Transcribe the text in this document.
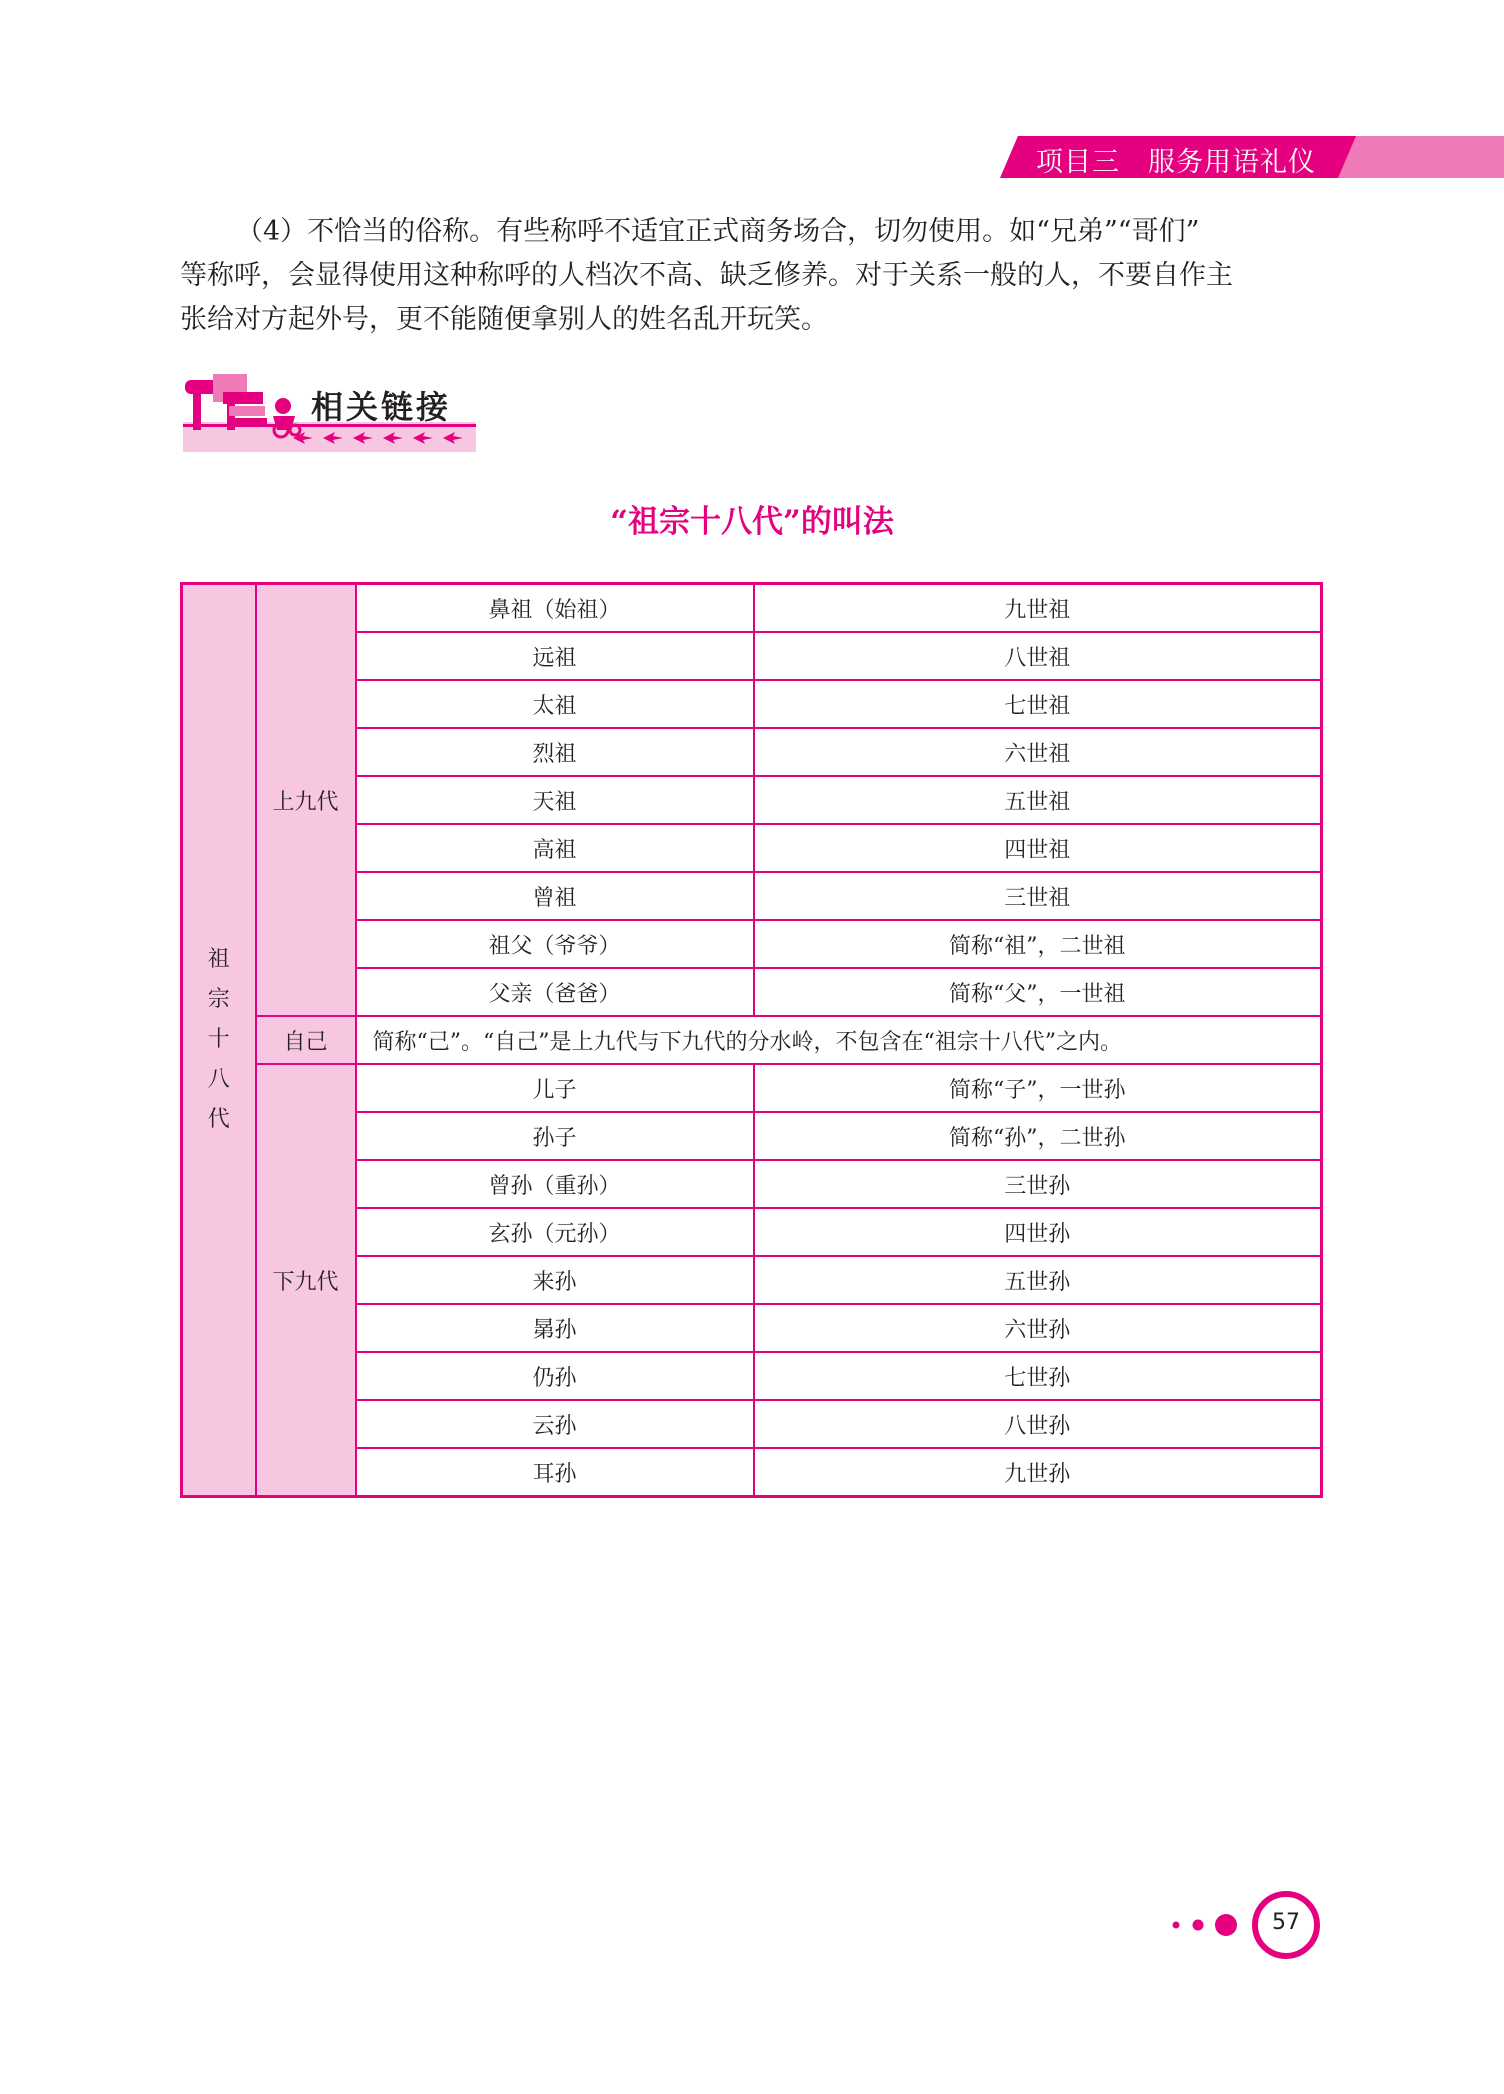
项目三　服务用语礼仪
（4）不恰当的俗称。有些称呼不适宜正式商务场合，切勿使用。如“兄弟”“哥们”
等称呼，会显得使用这种称呼的人档次不高、缺乏修养。对于关系一般的人，不要自作主
张给对方起外号，更不能随便拿别人的姓名乱开玩笑。
相关链接
“祖宗十八代”的叫法
祖
宗
十
八
代	上九代	鼻祖（始祖）	九世祖
		远祖	八世祖
		太祖	七世祖
		烈祖	六世祖
		天祖	五世祖
		高祖	四世祖
		曾祖	三世祖
		祖父（爷爷）	简称“祖”，二世祖
		父亲（爸爸）	简称“父”，一世祖
	自己	简称“己”。“自己”是上九代与下九代的分水岭，不包含在“祖宗十八代”之内。	
	下九代	儿子	简称“子”，一世孙
		孙子	简称“孙”，二世孙
		曾孙（重孙）	三世孙
		玄孙（元孙）	四世孙
		来孙	五世孙
		晜孙	六世孙
		仍孙	七世孙
		云孙	八世孙
		耳孙	九世孙
57
